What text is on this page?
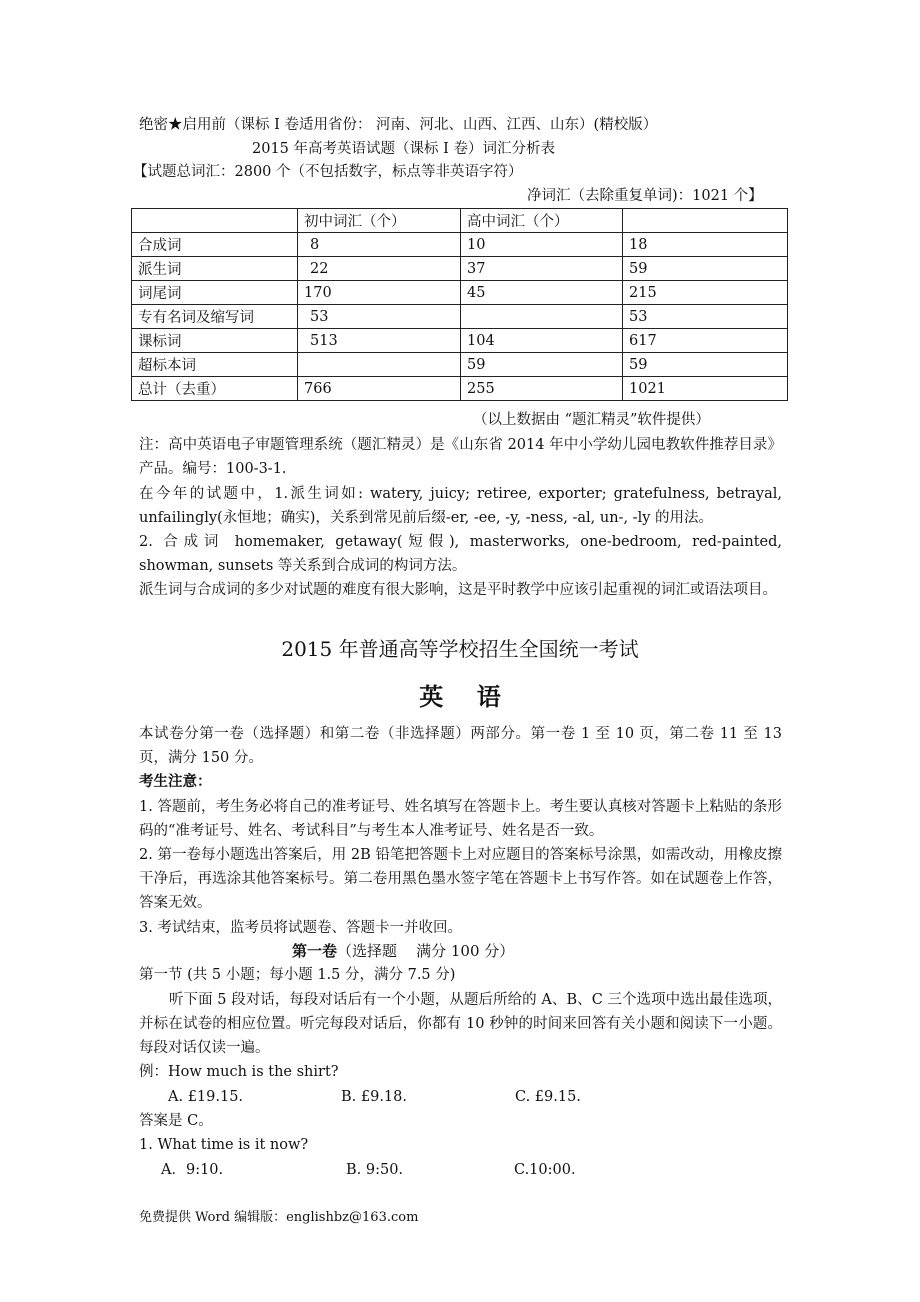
绝密★启用前（课标 I 卷适用省份： 河南、河北、山西、江西、山东）(精校版）
2015 年高考英语试题（课标 I 卷）词汇分析表
【试题总词汇：2800 个（不包括数字，标点等非英语字符）
净词汇（去除重复单词)：1021 个】
	初中词汇（个）	高中词汇（个）	
合成词	8	10	18
派生词	22	37	59
词尾词	170	45	215
专有名词及缩写词	53		53
课标词	513	104	617
超标本词		59	59
总计（去重）	766	255	1021
（以上数据由 “题汇精灵”软件提供）
注：高中英语电子审题管理系统（题汇精灵）是《山东省 2014 年中小学幼儿园电教软件推荐目录》产品。编号：100-3-1.
在今年的试题中，1.派生词如: watery, juicy; retiree, exporter; gratefulness, betrayal, unfailingly(永恒地；确实)，关系到常见前后缀-er, -ee, -y, -ness, -al, un-, -ly 的用法。
2. 合成词 homemaker, getaway(短假), masterworks, one-bedroom, red-painted, showman, sunsets 等关系到合成词的构词方法。
派生词与合成词的多少对试题的难度有很大影响，这是平时教学中应该引起重视的词汇或语法项目。
2015 年普通高等学校招生全国统一考试
英    语
本试卷分第一卷（选择题）和第二卷（非选择题）两部分。第一卷 1 至 10 页，第二卷 11 至 13 页，满分 150 分。
考生注意：
1. 答题前，考生务必将自己的准考证号、姓名填写在答题卡上。考生要认真核对答题卡上粘贴的条形码的“准考证号、姓名、考试科目”与考生本人准考证号、姓名是否一致。
2. 第一卷每小题选出答案后，用 2B 铅笔把答题卡上对应题目的答案标号涂黑，如需改动，用橡皮擦干净后，再选涂其他答案标号。第二卷用黑色墨水签字笔在答题卡上书写作答。如在试题卷上作答，答案无效。
3. 考试结束，监考员将试题卷、答题卡一并收回。
第一卷（选择题    满分 100 分）
第一节 (共 5 小题；每小题 1.5 分，满分 7.5 分)
听下面 5 段对话，每段对话后有一个小题，从题后所给的 A、B、C 三个选项中选出最佳选项，并标在试卷的相应位置。听完每段对话后，你都有 10 秒钟的时间来回答有关小题和阅读下一小题。每段对话仅读一遍。
例：How much is the shirt?
A. £19.15.	B. £9.18.	C. £9.15.
答案是 C。
1. What time is it now?
A．9:10.	B. 9:50.	C.10:00.
免费提供 Word 编辑版：englishbz@163.com
